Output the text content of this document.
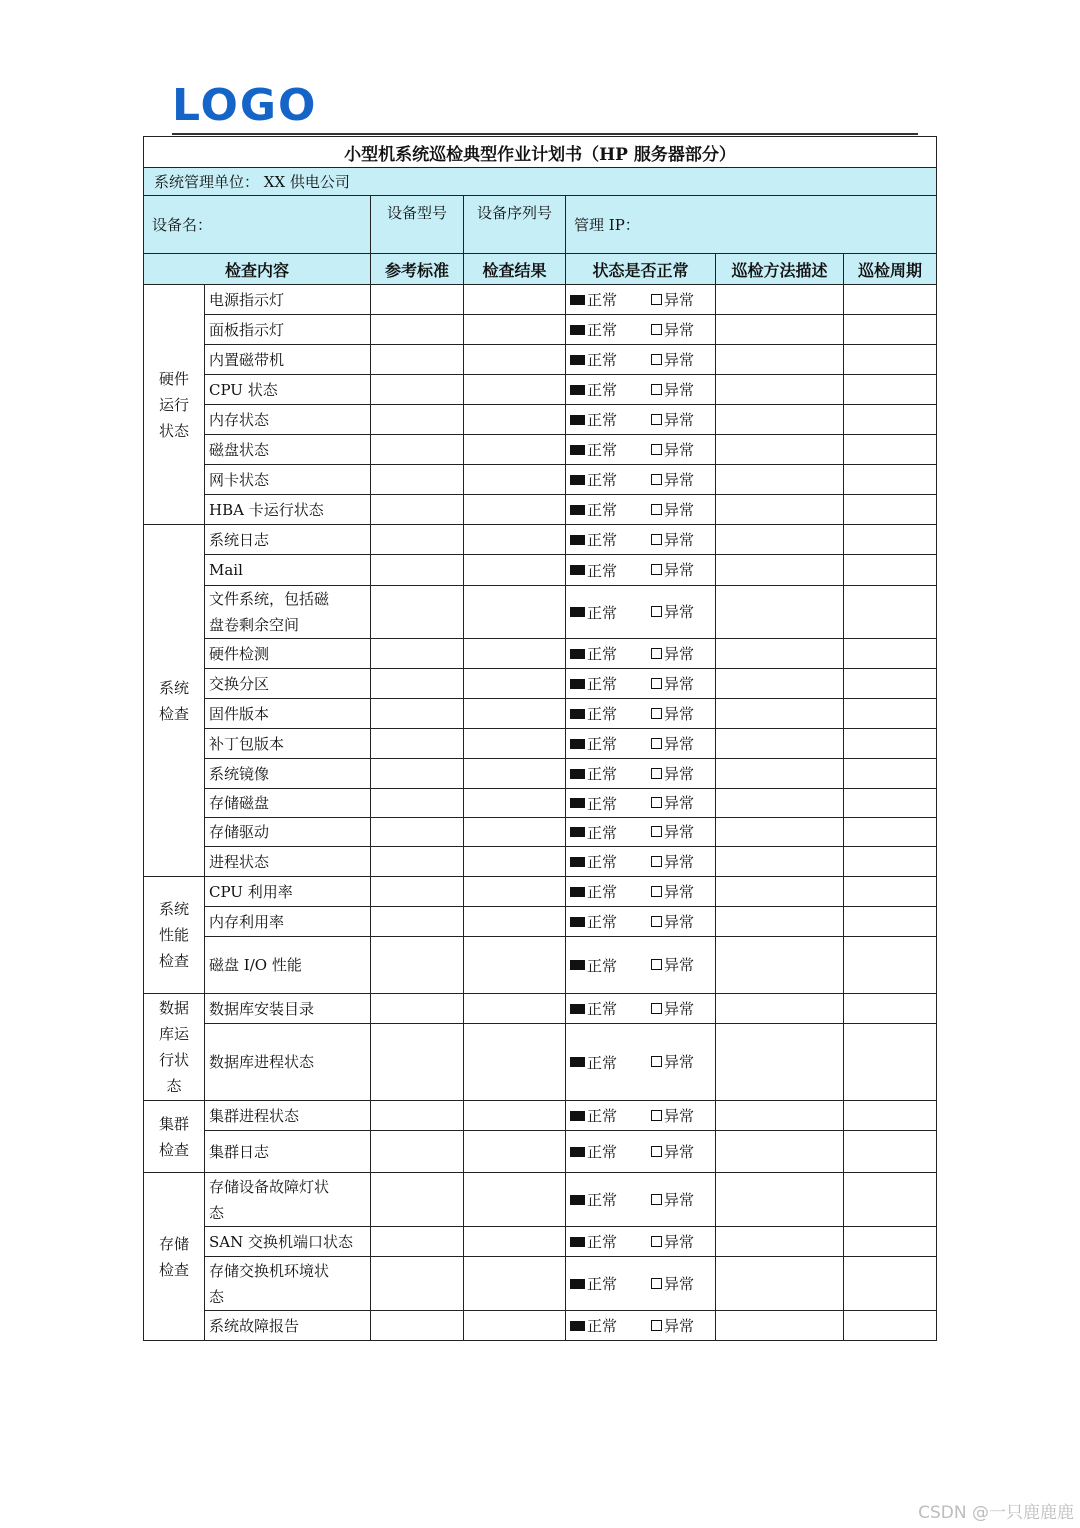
LOGO
小型机系统巡检典型作业计划书（HP 服务器部分）						
系统管理单位： XX 供电公司						
设备名：		设备型号	设备序列号	管理 IP：		
检查内容		参考标准	检查结果	状态是否正常	巡检方法描述	巡检周期
硬件
运行
状态	电源指示灯			正常 异常		

	面板指示灯			正常 异常		

	内置磁带机			正常 异常		

	CPU 状态			正常 异常		

	内存状态			正常 异常		

	磁盘状态			正常 异常		

	网卡状态			正常 异常		

	HBA 卡运行状态			正常 异常		

系统
检查	系统日志			正常 异常		

	Mail			正常 异常		

	文件系统，包括磁
盘卷剩余空间			正常 异常		

	硬件检测			正常 异常		

	交换分区			正常 异常		

	固件版本			正常 异常		

	补丁包版本			正常 异常		

	系统镜像			正常 异常		

	存储磁盘			正常 异常		

	存储驱动			正常 异常		

	进程状态			正常 异常		

系统
性能
检查	CPU 利用率			正常 异常		

	内存利用率			正常 异常		

	磁盘 I/O 性能			正常 异常		

数据
库运
行状
态	数据库安装目录			正常 异常		

	数据库进程状态			正常 异常		

集群
检查	集群进程状态			正常 异常		

	集群日志			正常 异常		

存储
检查	存储设备故障灯状
态			正常 异常		

	SAN 交换机端口状态			正常 异常		

	存储交换机环境状
态			正常 异常		

	系统故障报告			正常 异常		

CSDN @一只鹿鹿鹿
